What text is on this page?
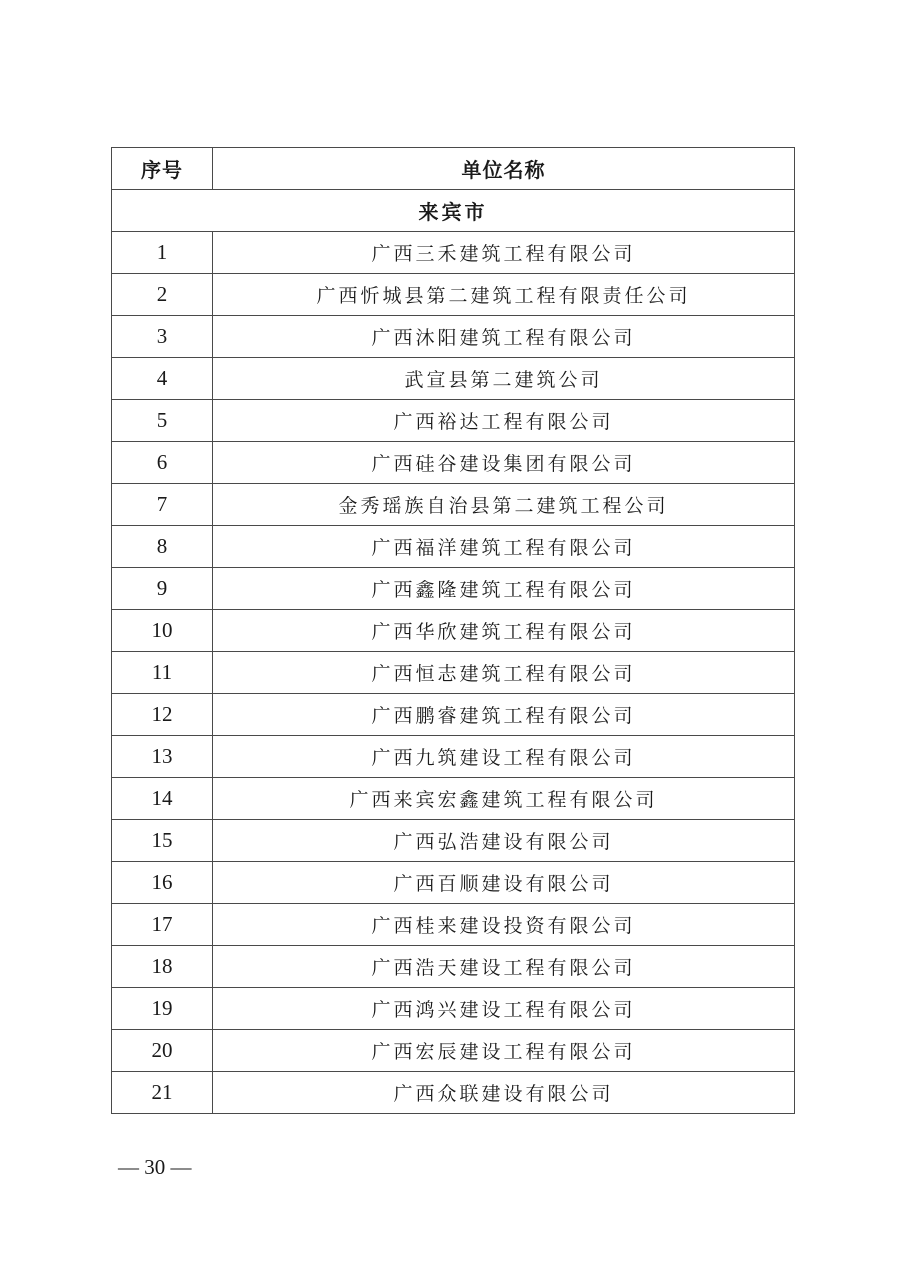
序号	单位名称
来宾市	
1	广西三禾建筑工程有限公司
2	广西忻城县第二建筑工程有限责任公司
3	广西沐阳建筑工程有限公司
4	武宣县第二建筑公司
5	广西裕达工程有限公司
6	广西硅谷建设集团有限公司
7	金秀瑶族自治县第二建筑工程公司
8	广西福洋建筑工程有限公司
9	广西鑫隆建筑工程有限公司
10	广西华欣建筑工程有限公司
11	广西恒志建筑工程有限公司
12	广西鹏睿建筑工程有限公司
13	广西九筑建设工程有限公司
14	广西来宾宏鑫建筑工程有限公司
15	广西弘浩建设有限公司
16	广西百顺建设有限公司
17	广西桂来建设投资有限公司
18	广西浩天建设工程有限公司
19	广西鸿兴建设工程有限公司
20	广西宏辰建设工程有限公司
21	广西众联建设有限公司
— 30 —
